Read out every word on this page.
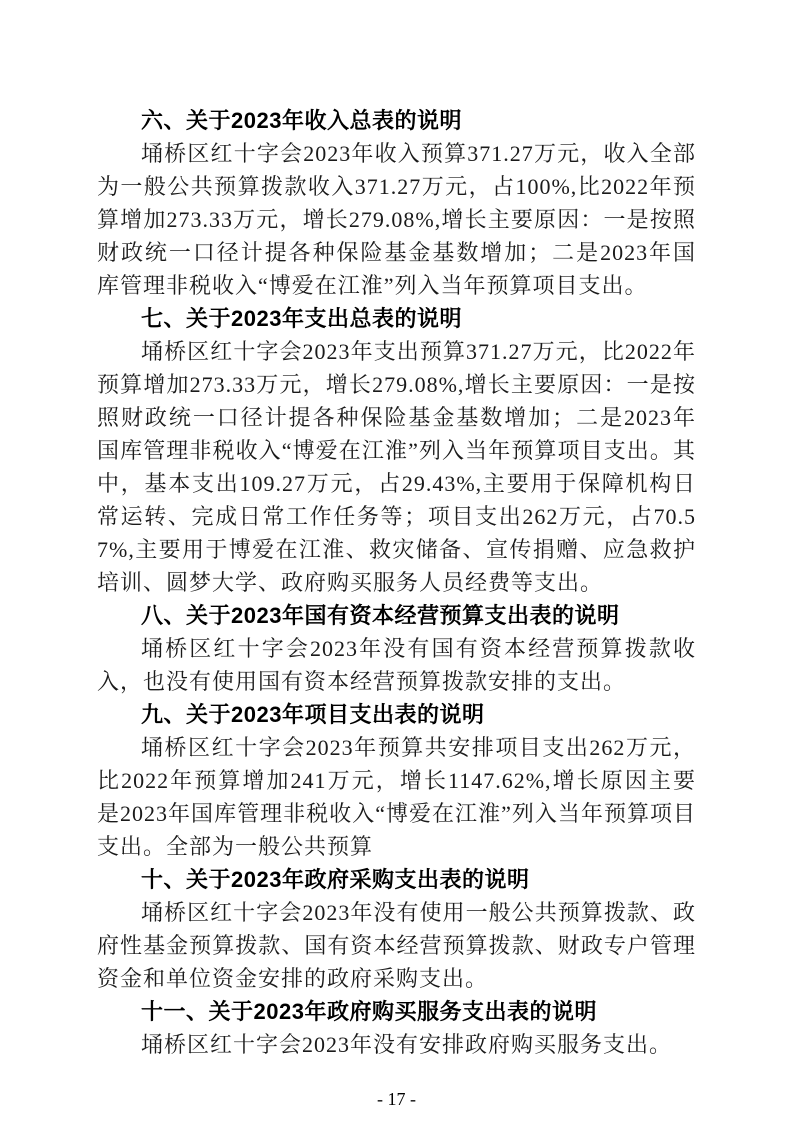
六、关于2023年收入总表的说明

埇桥区红十字会2023年收入预算371.27万元，收入全部为一般公共预算拨款收入371.27万元，占100%,比2022年预算增加273.33万元，增长279.08%,增长主要原因：一是按照财政统一口径计提各种保险基金基数增加；二是2023年国库管理非税收入“博爱在江淮”列入当年预算项目支出。

七、关于2023年支出总表的说明

埇桥区红十字会2023年支出预算371.27万元，比2022年预算增加273.33万元，增长279.08%,增长主要原因：一是按照财政统一口径计提各种保险基金基数增加；二是2023年国库管理非税收入“博爱在江淮”列入当年预算项目支出。其中，基本支出109.27万元，占29.43%,主要用于保障机构日常运转、完成日常工作任务等；项目支出262万元，占70.57%,主要用于博爱在江淮、救灾储备、宣传捐赠、应急救护培训、圆梦大学、政府购买服务人员经费等支出。

八、关于2023年国有资本经营预算支出表的说明

埇桥区红十字会2023年没有国有资本经营预算拨款收入，也没有使用国有资本经营预算拨款安排的支出。

九、关于2023年项目支出表的说明

埇桥区红十字会2023年预算共安排项目支出262万元，比2022年预算增加241万元，增长1147.62%,增长原因主要是2023年国库管理非税收入“博爱在江淮”列入当年预算项目支出。全部为一般公共预算

十、关于2023年政府采购支出表的说明

埇桥区红十字会2023年没有使用一般公共预算拨款、政府性基金预算拨款、国有资本经营预算拨款、财政专户管理资金和单位资金安排的政府采购支出。

十一、关于2023年政府购买服务支出表的说明

埇桥区红十字会2023年没有安排政府购买服务支出。

- 17 -
